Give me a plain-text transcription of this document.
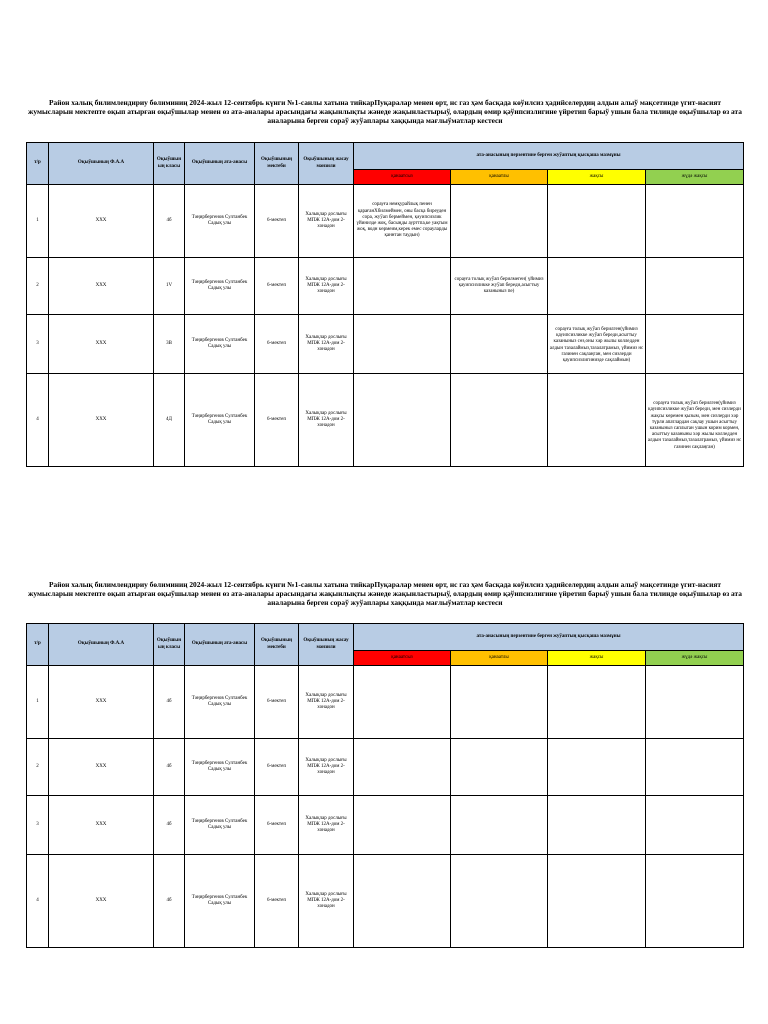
Район халық билимлендириу бөлиминиң 2024-жыл 12-сентябрь күнги №1-санлы хатына тийкарПуқаралар менен өрт, нс газ ҳәм басқада көўилсиз ҳадийселердиң алдын алыў мақсетинде үгит-насият жумысларын мектепте оқып атырған оқыўшылар менен өз ата-аналары арасындағы жақынлықты жәнеде жақынластырыў, олардың өмир қәўипсизлигине үйретип барыў ушын бала тилинде оқыўшылар өз ата аналарына берген сораў жуўаплары хаққында мағлыўматлар кестеси
т/р	Оқыўшының Ф.А.А	Оқыўшының класы	Оқыўшының ата-анасы	Оқыўшының мектеби	Оқыўшының жасау мәнзили	ата-анасының перзентине берген жуўаптың қысқаша мазмұны			
						қанаатсыз	қанаатлы	жақсы	жүдә жақсы
1	ХХХ	4б	Тәңирбергенов Султанбек Садық улы	6-мектеп	Халықлар дослығы МПЖ 12А-дом 2-хонадон	сорауға немқурайлық пенен қарағанХбилмеймен, оны басқа биреуден сора, жуўап бермеймен, қәуипсизлик үйинизде жоқ, басыңды аурттпа,ке уақтым жоқ, водн көрмеим,керек емес сорауларды қаннтан таудын)			
2	ХХХ	1V	Тәңирбергенов Султанбек Садық улы	6-мектеп	Халықлар дослығы МПЖ 12А-дом 2-хонадон		сорауға толық жуўап берилмеген( үйимиз қауипсизликке жуўап береди,асыгтыу казаныныз пе)		
3	ХХХ	3В	Тәңирбергенов Султанбек Садық улы	6-мектеп	Халықлар дослығы МПЖ 12А-дом 2-хонадон			сорауға толық жуўап берилген(үйимиз қауипсизликке жуўап береди,асыгтыу казаныныз сөз,оны хәр жылы колледден алдын тазалаймыз,тазалатрамыз, үйимиз нс газинен сақлаңган, мен сизлерди қауипсизлигинизде сақлаймын)	
4	ХХХ	4Д	Тәңирбергенов Султанбек Садық улы	6-мектеп	Халықлар дослығы МПЖ 12А-дом 2-хонадон				сорауға толық жуўап берилген(үйимиз қауипсизликке жуўап береди, мен сизлерди жақсы көремен қызым, мен сизлерди хәр түрли апатлардан сақлау ушын асыгтыу казаныныз саплыган ушын корим кормен, асыгтыу казаныны хәр жылы колледден алдын тазалаймыз,тазалатрамыз, үйимиз нс газинен сақлаңган)
Район халық билимлендириу бөлиминиң 2024-жыл 12-сентябрь күнги №1-санлы хатына тийкарПуқаралар менен өрт, нс газ ҳәм басқада көўилсиз ҳадийселердиң алдын алыў мақсетинде үгит-насият жумысларын мектепте оқып атырған оқыўшылар менен өз ата-аналары арасындағы жақынлықты жәнеде жақынластырыў, олардың өмир қәўипсизлигине үйретип барыў ушын бала тилинде оқыўшылар өз ата аналарына берген сораў жуўаплары хаққында мағлыўматлар кестеси
т/р	Оқыўшының Ф.А.А	Оқыўшының класы	Оқыўшының ата-анасы	Оқыўшының мектеби	Оқыўшының жасау мәнзили	ата-анасының перзентине берген жуўаптың қысқаша мазмұны			
						қанаатсыз	қанаатлы	жақсы	жүдә жақсы
1	ХХХ	4б	Тәңирбергенов Султанбек Садық улы	6-мектеп	Халықлар дослығы МПЖ 12А-дом 2-хонадон				
2	ХХХ	4б	Тәңирбергенов Султанбек Садық улы	6-мектеп	Халықлар дослығы МПЖ 12А-дом 2-хонадон				
3	ХХХ	4б	Тәңирбергенов Султанбек Садық улы	6-мектеп	Халықлар дослығы МПЖ 12А-дом 2-хонадон				
4	ХХХ	4б	Тәңирбергенов Султанбек Садық улы	6-мектеп	Халықлар дослығы МПЖ 12А-дом 2-хонадон				
